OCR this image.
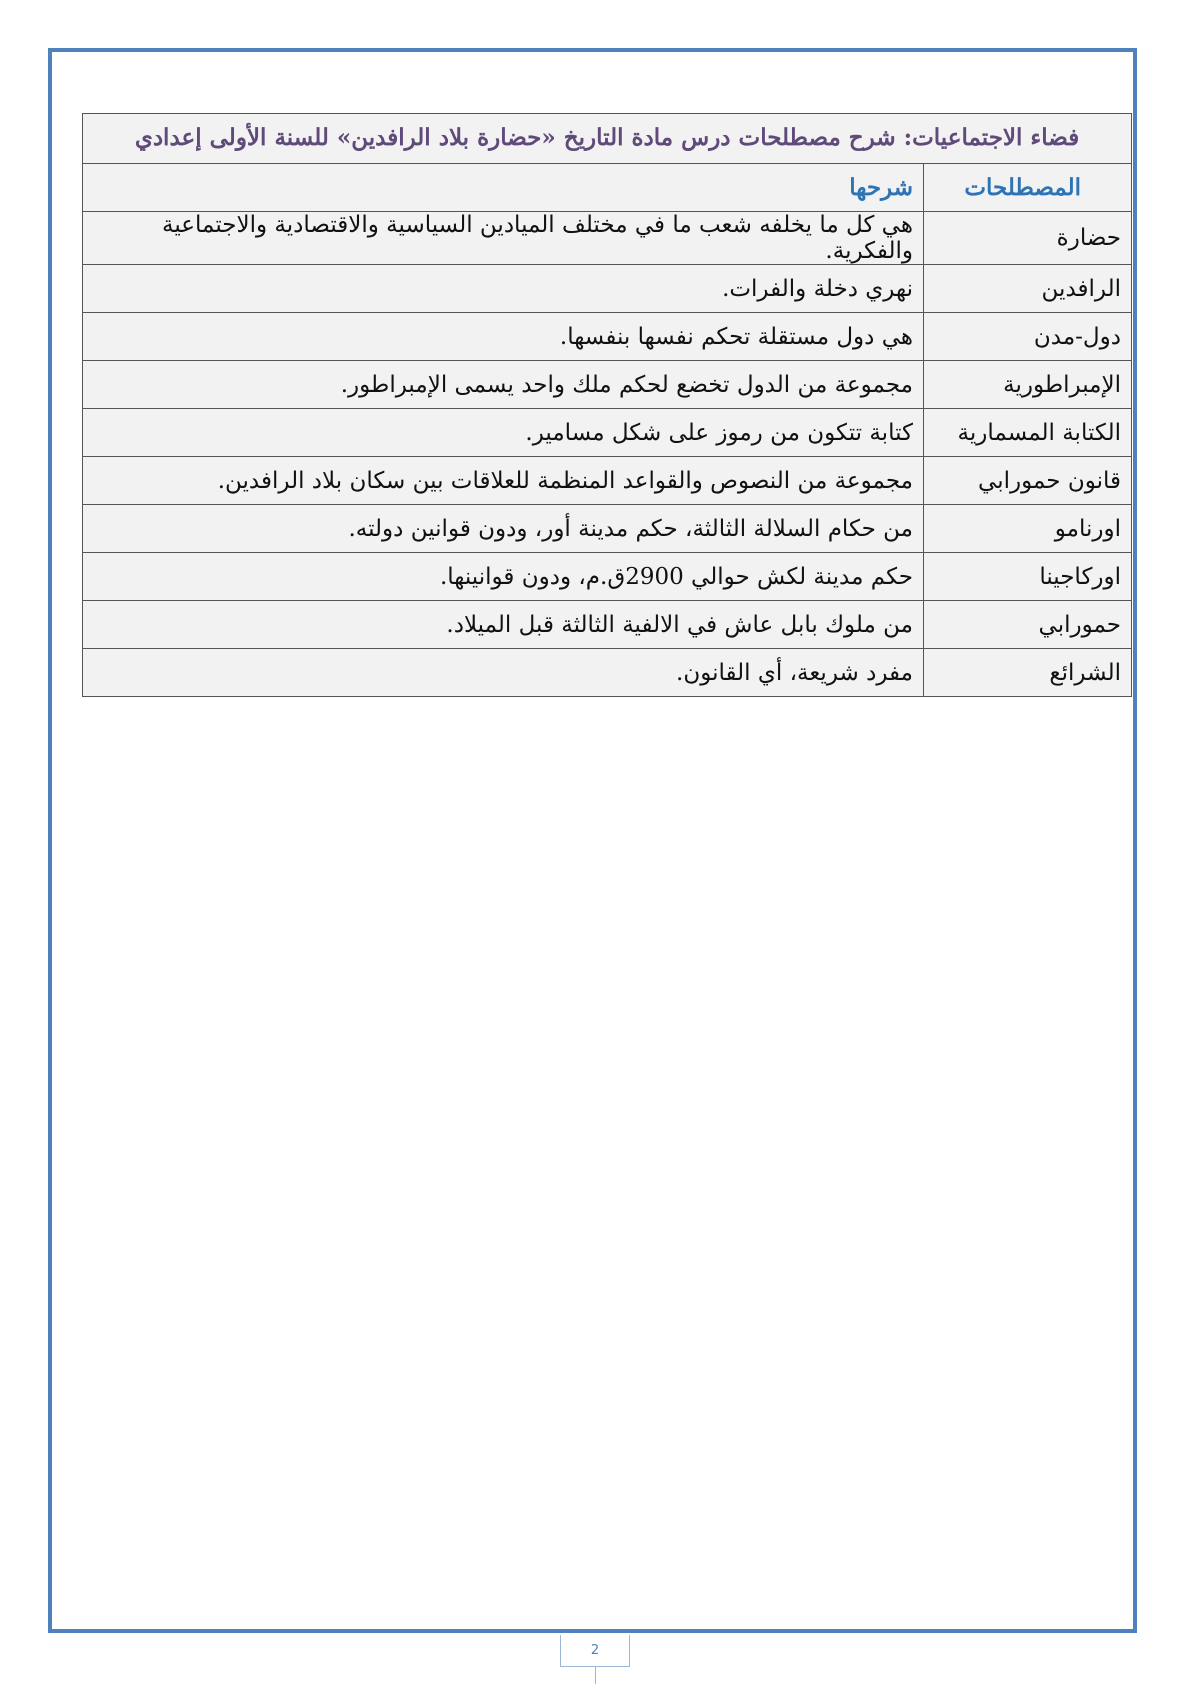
فضاء الاجتماعيات: شرح مصطلحات درس مادة التاريخ «حضارة بلاد الرافدين» للسنة الأولى إعدادي	
المصطلحات	شرحها
حضارة	هي كل ما يخلفه شعب ما في مختلف الميادين السياسية والاقتصادية والاجتماعية والفكرية.
الرافدين	نهري دخلة والفرات.
دول-مدن	هي دول مستقلة تحكم نفسها بنفسها.
الإمبراطورية	مجموعة من الدول تخضع لحكم ملك واحد يسمى الإمبراطور.
الكتابة المسمارية	كتابة تتكون من رموز على شكل مسامير.
قانون حمورابي	مجموعة من النصوص والقواعد المنظمة للعلاقات بين سكان بلاد الرافدين.
اورنامو	من حكام السلالة الثالثة، حكم مدينة أور، ودون قوانين دولته.
اوركاجينا	حكم مدينة لكش حوالي 2900ق.م، ودون قوانينها.
حمورابي	من ملوك بابل عاش في الالفية الثالثة قبل الميلاد.
الشرائع	مفرد شريعة، أي القانون.
2
